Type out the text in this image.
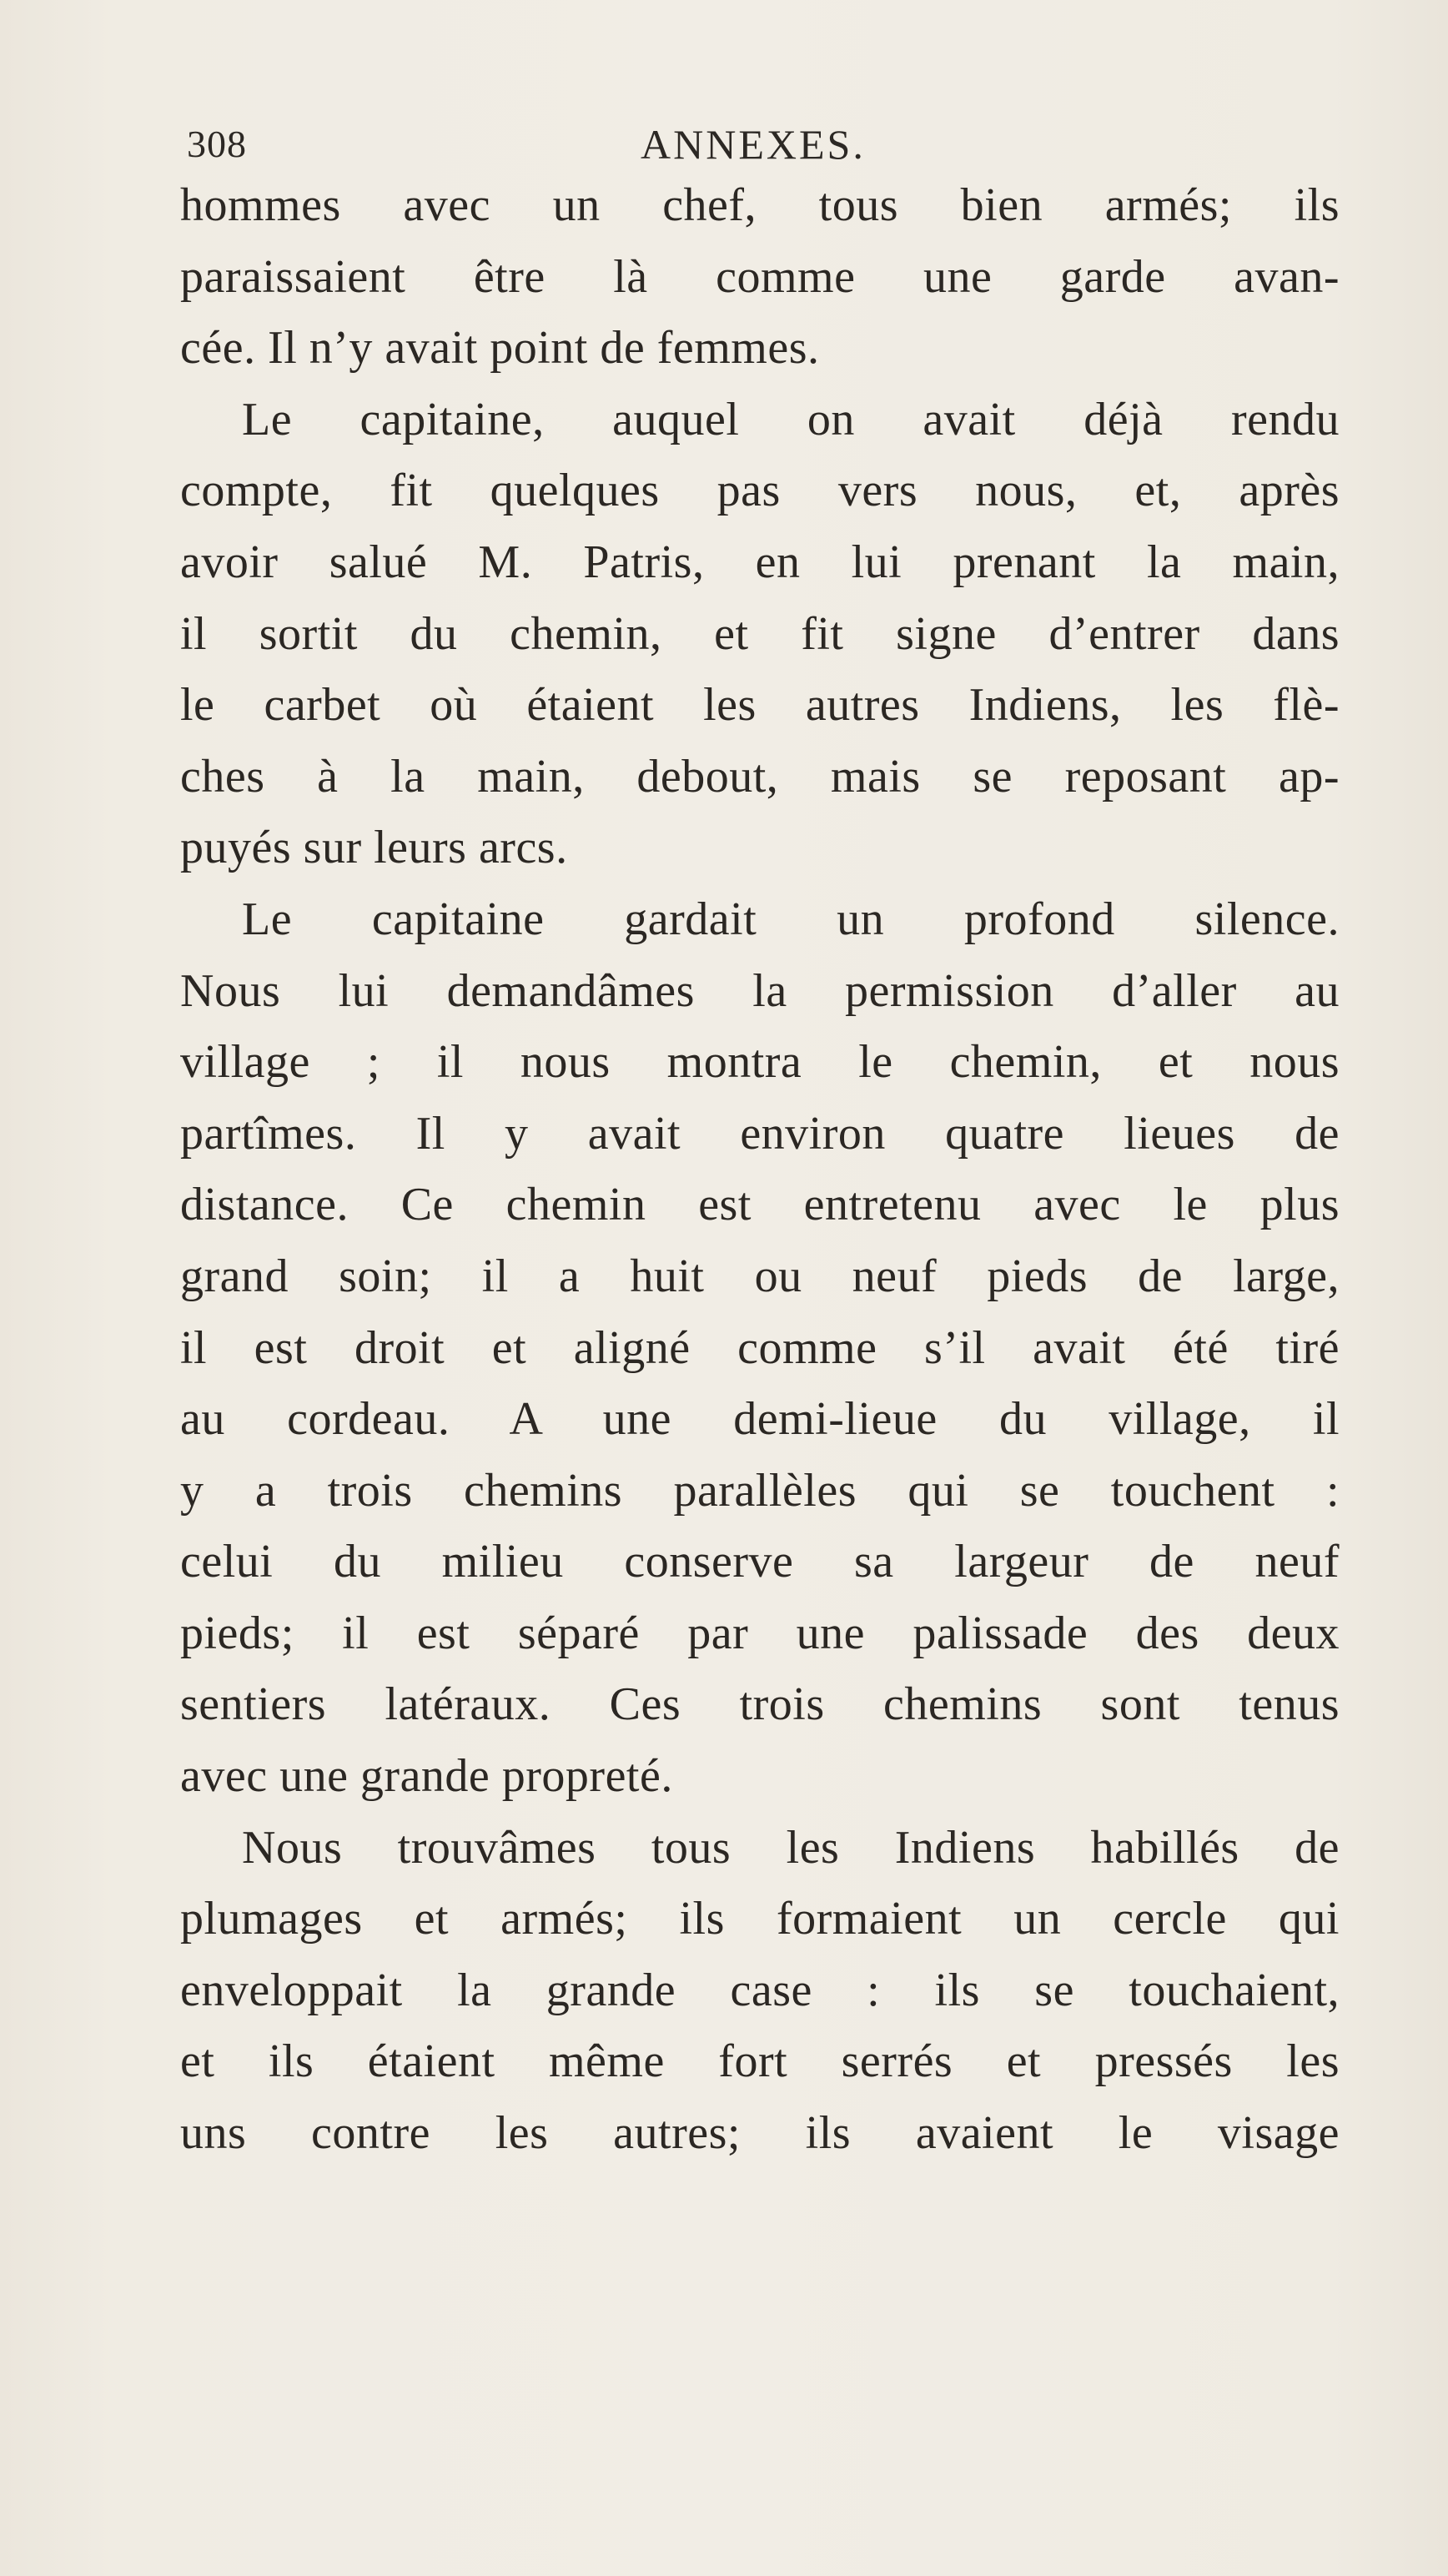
308	ANNEXES.
hommes avec un chef, tous bien armés; ils
paraissaient être là comme une garde avan-
cée. Il n’y avait point de femmes.
Le capitaine, auquel on avait déjà rendu
compte, fit quelques pas vers nous, et, après
avoir salué M. Patris, en lui prenant la main,
il sortit du chemin, et fit signe d’entrer dans
le carbet où étaient les autres Indiens, les flè-
ches à la main, debout, mais se reposant ap-
puyés sur leurs arcs.
Le capitaine gardait un profond silence.
Nous lui demandâmes la permission d’aller au
village ; il nous montra le chemin, et nous
partîmes. Il y avait environ quatre lieues de
distance. Ce chemin est entretenu avec le plus
grand soin; il a huit ou neuf pieds de large,
il est droit et aligné comme s’il avait été tiré
au cordeau. A une demi-lieue du village, il
y a trois chemins parallèles qui se touchent :
celui du milieu conserve sa largeur de neuf
pieds; il est séparé par une palissade des deux
sentiers latéraux. Ces trois chemins sont tenus
avec une grande propreté.
Nous trouvâmes tous les Indiens habillés de
plumages et armés; ils formaient un cercle qui
enveloppait la grande case : ils se touchaient,
et ils étaient même fort serrés et pressés les
uns contre les autres; ils avaient le visage
